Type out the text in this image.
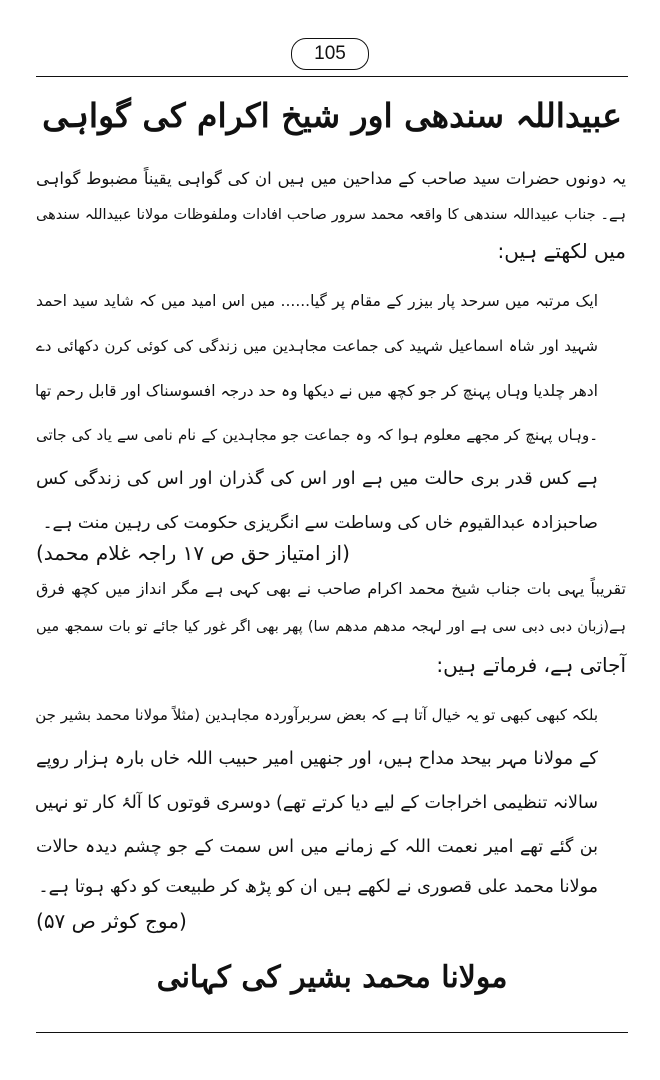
105
عبیداللہ سندھی اور شیخ اکرام کی گواہی
یہ دونوں حضرات سید صاحب کے مداحین میں ہیں ان کی گواہی یقیناً مضبوط گواہی
ہے۔ جناب عبیداللہ سندھی کا واقعہ محمد سرور صاحب افادات وملفوظات مولانا عبیداللہ سندھی
میں لکھتے ہیں:
ایک مرتبہ میں سرحد پار بیزر کے مقام پر گیا...... میں اس امید میں کہ شاید سید احمد
شہید اور شاہ اسماعیل شہید کی جماعت مجاہدین میں زندگی کی کوئی کرن دکھائی دے
ادھر چلدیا وہاں پہنچ کر جو کچھ میں نے دیکھا وہ حد درجہ افسوسناک اور قابل رحم تھا
۔وہاں پہنچ کر مجھے معلوم ہوا کہ وہ جماعت جو مجاہدین کے نام نامی سے یاد کی جاتی
ہے کس قدر بری حالت میں ہے اور اس کی گذران اور اس کی زندگی کس
صاحبزادہ عبدالقیوم خاں کی وساطت سے انگریزی حکومت کی رہین منت ہے۔
(از امتیاز حق ص ۱۷ راجہ غلام محمد)
تقریباً یہی بات جناب شیخ محمد اکرام صاحب نے بھی کہی ہے مگر انداز میں کچھ فرق
ہے(زبان دبی دبی سی ہے اور لہجہ مدھم مدھم سا) پھر بھی اگر غور کیا جائے تو بات سمجھ میں
آجاتی ہے، فرماتے ہیں:
بلکہ کبھی کبھی تو یہ خیال آتا ہے کہ بعض سربرآوردہ مجاہدین (مثلاً مولانا محمد بشیر جن
کے مولانا مہر بیحد مداح ہیں، اور جنھیں امیر حبیب اللہ خاں بارہ ہزار روپے
سالانہ تنظیمی اخراجات کے لیے دیا کرتے تھے) دوسری قوتوں کا آلۂ کار تو نہیں
بن گئے تھے امیر نعمت اللہ کے زمانے میں اس سمت کے جو چشم دیدہ حالات
مولانا محمد علی قصوری نے لکھے ہیں ان کو پڑھ کر طبیعت کو دکھ ہوتا ہے۔
(موج کوثر ص ۵۷)
مولانا محمد بشیر کی کہانی
